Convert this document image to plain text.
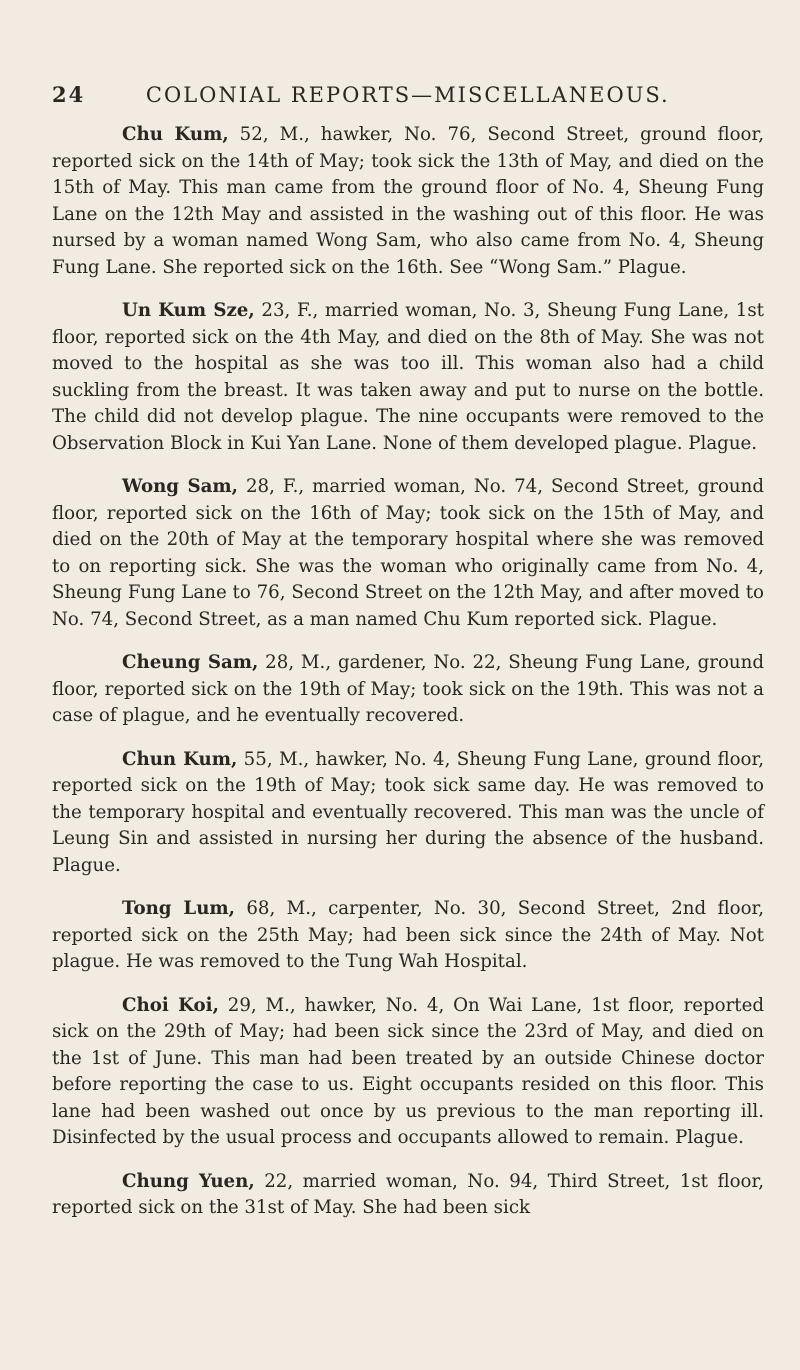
24	COLONIAL REPORTS—MISCELLANEOUS.

Chu Kum, 52, M., hawker, No. 76, Second Street, ground floor, reported sick on the 14th of May; took sick the 13th of May, and died on the 15th of May. This man came from the ground floor of No. 4, Sheung Fung Lane on the 12th May and assisted in the washing out of this floor. He was nursed by a woman named Wong Sam, who also came from No. 4, Sheung Fung Lane. She reported sick on the 16th. See “Wong Sam.” Plague.

Un Kum Sze, 23, F., married woman, No. 3, Sheung Fung Lane, 1st floor, reported sick on the 4th May, and died on the 8th of May. She was not moved to the hospital as she was too ill. This woman also had a child suckling from the breast. It was taken away and put to nurse on the bottle. The child did not develop plague. The nine occupants were removed to the Observation Block in Kui Yan Lane. None of them developed plague. Plague.

Wong Sam, 28, F., married woman, No. 74, Second Street, ground floor, reported sick on the 16th of May; took sick on the 15th of May, and died on the 20th of May at the temporary hospital where she was removed to on reporting sick. She was the woman who originally came from No. 4, Sheung Fung Lane to 76, Second Street on the 12th May, and after moved to No. 74, Second Street, as a man named Chu Kum reported sick. Plague.

Cheung Sam, 28, M., gardener, No. 22, Sheung Fung Lane, ground floor, reported sick on the 19th of May; took sick on the 19th. This was not a case of plague, and he eventually recovered.

Chun Kum, 55, M., hawker, No. 4, Sheung Fung Lane, ground floor, reported sick on the 19th of May; took sick same day. He was removed to the temporary hospital and eventually recovered. This man was the uncle of Leung Sin and assisted in nursing her during the absence of the husband. Plague.

Tong Lum, 68, M., carpenter, No. 30, Second Street, 2nd floor, reported sick on the 25th May; had been sick since the 24th of May. Not plague. He was removed to the Tung Wah Hospital.

Choi Koi, 29, M., hawker, No. 4, On Wai Lane, 1st floor, reported sick on the 29th of May; had been sick since the 23rd of May, and died on the 1st of June. This man had been treated by an outside Chinese doctor before reporting the case to us. Eight occupants resided on this floor. This lane had been washed out once by us previous to the man reporting ill. Disinfected by the usual process and occupants allowed to remain. Plague.

Chung Yuen, 22, married woman, No. 94, Third Street, 1st floor, reported sick on the 31st of May. She had been sick
